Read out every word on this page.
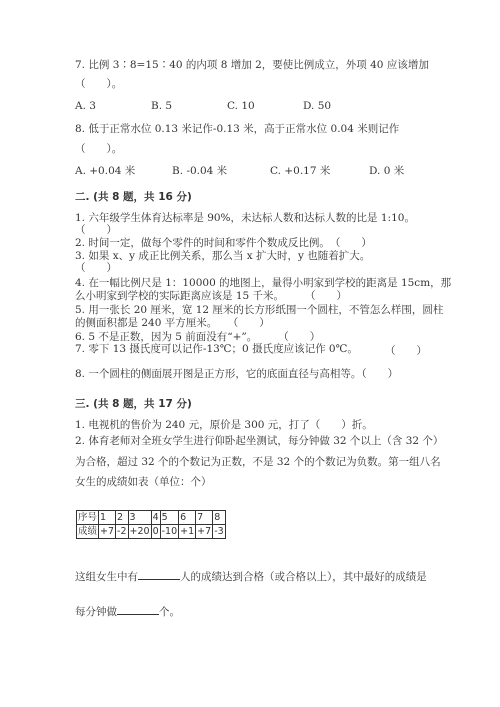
7. 比例 3∶8=15∶40 的内项 8 增加 2，要使比例成立，外项 40 应该增加
（　　）。
A. 3	B. 5	C. 10	D. 50
8. 低于正常水位 0.13 米记作-0.13 米，高于正常水位 0.04 米则记作
（　　）。
A. +0.04 米	B. -0.04 米	C. +0.17 米	D. 0 米
二. (共 8 题，共 16 分)
1. 六年级学生体育达标率是 90%，未达标人数和达标人数的比是 1:10。
（　　）
2. 时间一定，做每个零件的时间和零件个数成反比例。　（　　）
3. 如果 x、y 成正比例关系，那么当 x 扩大时，y 也随着扩大。
（　　）
4. 在一幅比例尺是 1：10000 的地图上，量得小明家到学校的距离是 15cm，那
么小明家到学校的实际距离应该是 15 千米。　　　（　　）
5. 用一张长 20 厘米，宽 12 厘米的长方形纸围一个圆柱，不管怎么样围，圆柱
的侧面积都是 240 平方厘米。　　（　　）
6. 5 不是正数，因为 5 前面没有“+”。　　　（　　）
7. 零下 13 摄氏度可以记作-13℃；0 摄氏度应该记作 0℃。	（　　）
8. 一个圆柱的侧面展开图是正方形，它的底面直径与高相等。（　　）
三. (共 8 题，共 17 分)
1. 电视机的售价为 240 元，原价是 300 元，打了（　　）折。
2. 体育老师对全班女学生进行仰卧起坐测试，每分钟做 32 个以上（含 32 个）
为合格，超过 32 个的个数记为正数，不是 32 个的个数记为负数。第一组八名
女生的成绩如表（单位：个）
序号	1	2	3	4	5	6	7	8
成绩	+7	-2	+20	0	-10	+1	+7	-3
这组女生中有	人的成绩达到合格（或合格以上），其中最好的成绩是
每分钟做	个。
